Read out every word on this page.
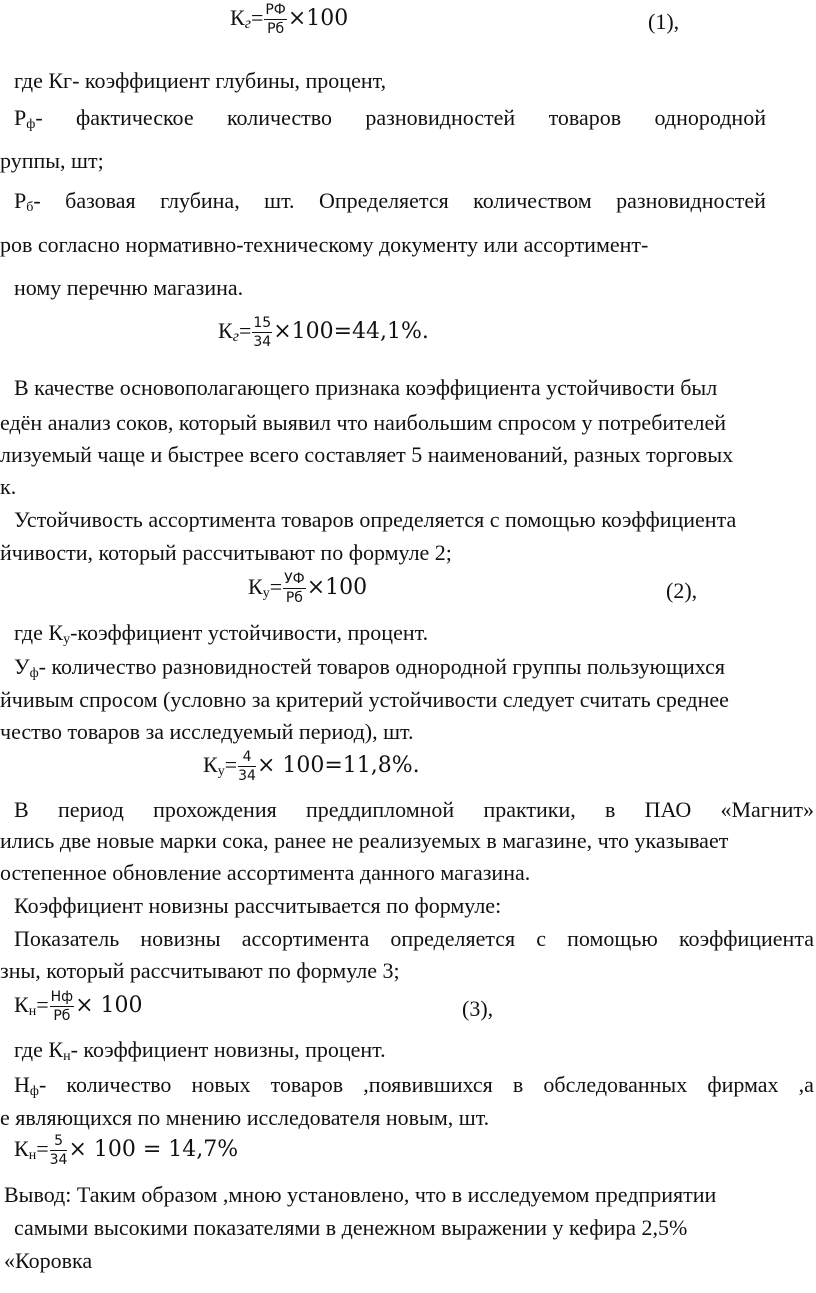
$Кг= \frac{РФ}{Рб} \times 100$	(1),
где Кг- коэффициент глубины, процент,
$Р_ф-$ фактическое количество разновидностей товаров однородной
руппы, шт;
$Р_б-$ базовая глубина, шт. Определяется количеством разновидностей
ров согласно нормативно-техническому документу или ассортимент-
ному перечню магазина.
$Кг= \frac{15}{34} \times 100=44,1\%$.
В качестве основополагающего признака коэффициента устойчивости был
едён анализ соков, который выявил что наибольшим спросом у потребителей
лизуемый чаще и быстрее всего составляет 5 наименований, разных торговых
к.
Устойчивость ассортимента товаров определяется с помощью коэффициента
йчивости, который рассчитывают по формуле 2;
$К_у= \frac{УФ}{Рб} \times 100$	(2),
где $К_у$-коэффициент устойчивости, процент.
$У_ф-$ количество разновидностей товаров однородной группы пользующихся
йчивым спросом (условно за критерий устойчивости следует считать среднее
чество товаров за исследуемый период), шт.
$К_у= \frac{4}{34} \times 100=11,8\%$.
В период прохождения преддипломной практики, в ПАО «Магнит»
ились две новые марки сока, ранее не реализуемых в магазине, что указывает
остепенное обновление ассортимента данного магазина.
Коэффициент новизны рассчитывается по формуле:
Показатель новизны ассортимента определяется с помощью коэффициента
зны, который рассчитывают по формуле 3;
$К_н= \frac{Нф}{Рб} \times 100$	(3),
где $К_н-$ коэффициент новизны, процент.
$Н_ф-$ количество новых товаров ,появившихся в обследованных фирмах ,а
е являющихся по мнению исследователя новым, шт.
$К_н= \frac{5}{34} \times 100 = 14,7\%$
Вывод: Таким образом ,мною установлено, что в исследуемом предприятии
самыми высокими показателями в денежном выражении у кефира 2,5%
«Коровка
